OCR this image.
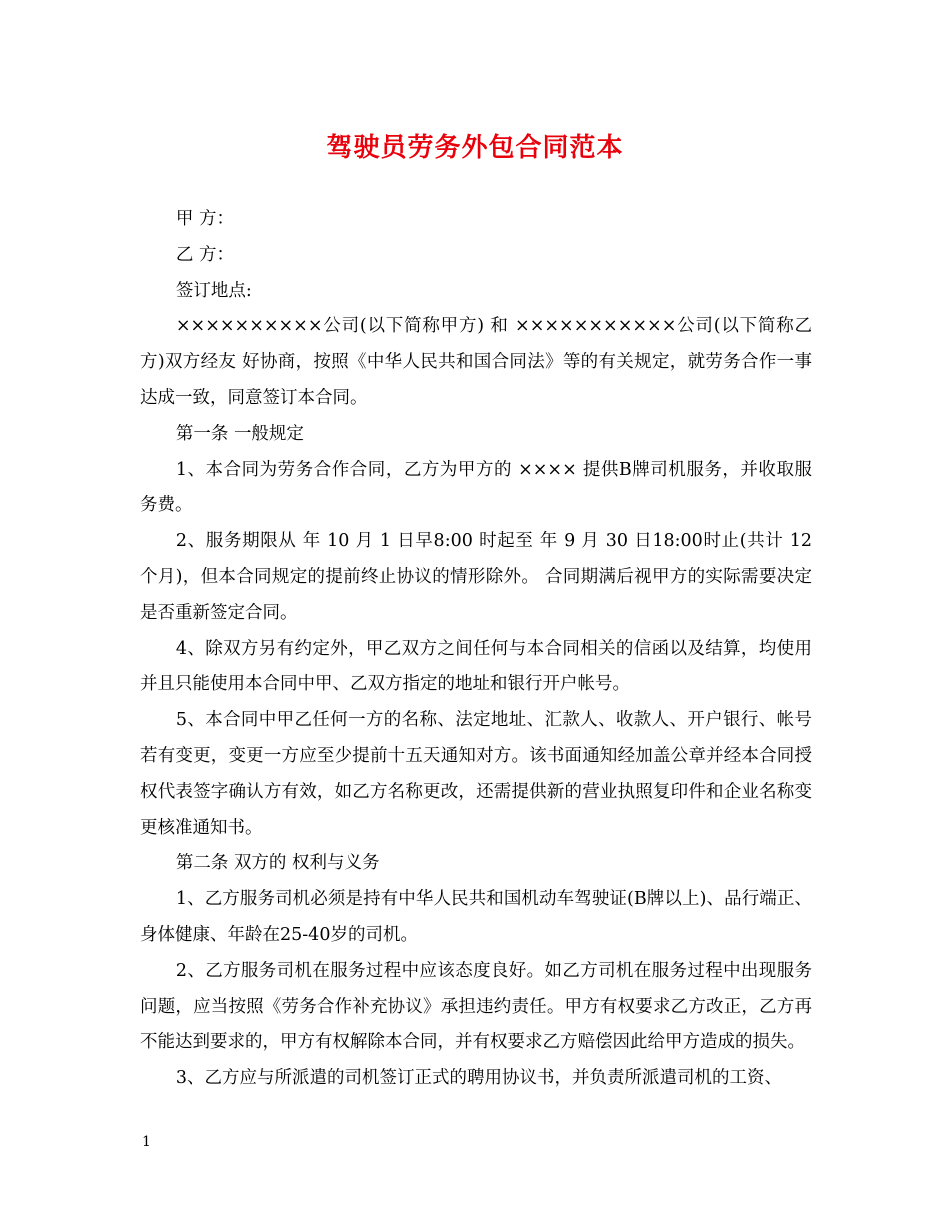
驾驶员劳务外包合同范本

甲 方：

乙 方：

签订地点:

××××××××××公司(以下简称甲方) 和 ×××××××××××公司(以下简称乙方)双方经友 好协商，按照《中华人民共和国合同法》等的有关规定，就劳务合作一事达成一致，同意签订本合同。

第一条 一般规定

1、本合同为劳务合作合同，乙方为甲方的 ×××× 提供B牌司机服务，并收取服务费。

2、服务期限从 年 10 月 1 日早8:00 时起至 年 9 月 30 日18:00时止(共计 12 个月)，但本合同规定的提前终止协议的情形除外。 合同期满后视甲方的实际需要决定是否重新签定合同。

4、除双方另有约定外，甲乙双方之间任何与本合同相关的信函以及结算，均使用并且只能使用本合同中甲、乙双方指定的地址和银行开户帐号。

5、本合同中甲乙任何一方的名称、法定地址、汇款人、收款人、开户银行、帐号若有变更，变更一方应至少提前十五天通知对方。该书面通知经加盖公章并经本合同授权代表签字确认方有效，如乙方名称更改，还需提供新的营业执照复印件和企业名称变更核准通知书。

第二条 双方的 权利与义务

1、乙方服务司机必须是持有中华人民共和国机动车驾驶证(B牌以上)、品行端正、身体健康、年龄在25-40岁的司机。

2、乙方服务司机在服务过程中应该态度良好。如乙方司机在服务过程中出现服务问题，应当按照《劳务合作补充协议》承担违约责任。甲方有权要求乙方改正，乙方再不能达到要求的，甲方有权解除本合同，并有权要求乙方赔偿因此给甲方造成的损失。

3、乙方应与所派遣的司机签订正式的聘用协议书，并负责所派遣司机的工资、

1
